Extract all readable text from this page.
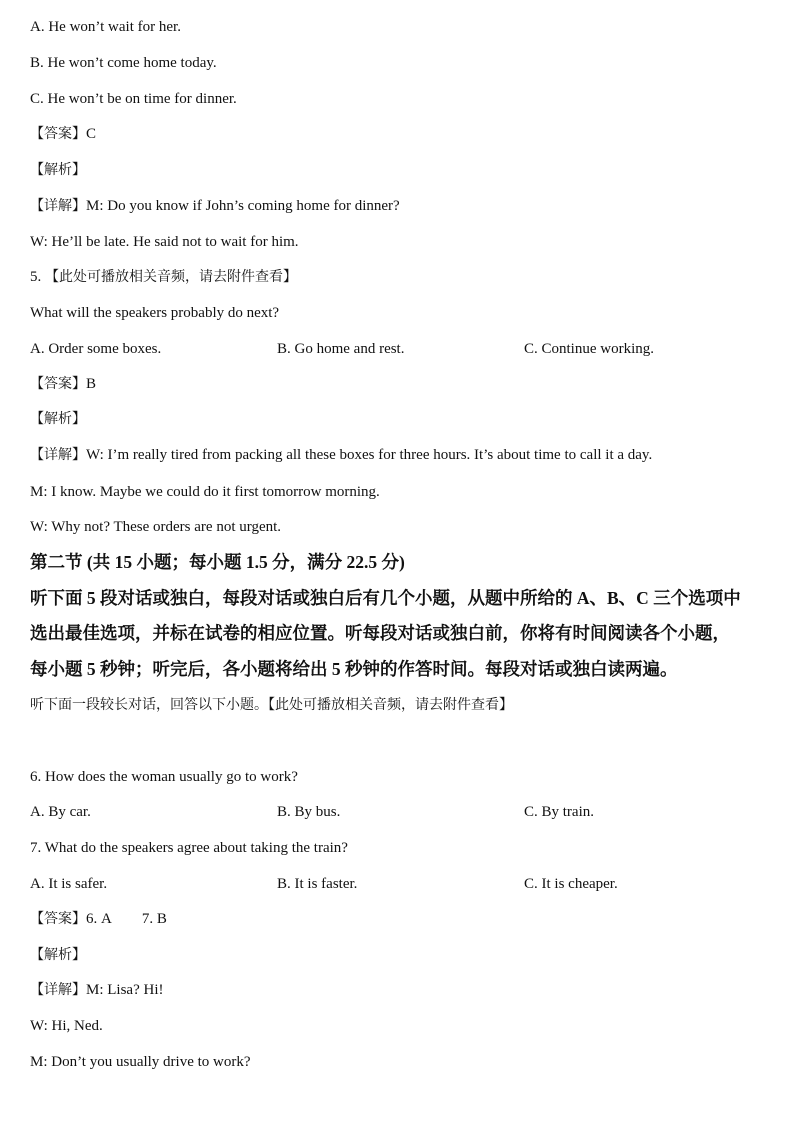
A. He won’t wait for her.
B. He won’t come home today.
C. He won’t be on time for dinner.
【答案】C
【解析】
【详解】M: Do you know if John’s coming home for dinner?
W: He’ll be late. He said not to wait for him.
5. 【此处可播放相关音频，请去附件查看】
What will the speakers probably do next?
A. Order some boxes.	B. Go home and rest.	C. Continue working.
【答案】B
【解析】
【详解】W: I’m really tired from packing all these boxes for three hours. It’s about time to call it a day.
M: I know. Maybe we could do it first tomorrow morning.
W: Why not? These orders are not urgent.
第二节 (共 15 小题；每小题 1.5 分，满分 22.5 分)
听下面 5 段对话或独白，每段对话或独白后有几个小题，从题中所给的 A、B、C 三个选项中
选出最佳选项，并标在试卷的相应位置。听每段对话或独白前，你将有时间阅读各个小题，
每小题 5 秒钟；听完后，各小题将给出 5 秒钟的作答时间。每段对话或独白读两遍。
听下面一段较长对话，回答以下小题。【此处可播放相关音频，请去附件查看】
6. How does the woman usually go to work?
A. By car.	B. By bus.	C. By train.
7. What do the speakers agree about taking the train?
A. It is safer.	B. It is faster.	C. It is cheaper.
【答案】6. A 7. B
【解析】
【详解】M: Lisa? Hi!
W: Hi, Ned.
M: Don’t you usually drive to work?
